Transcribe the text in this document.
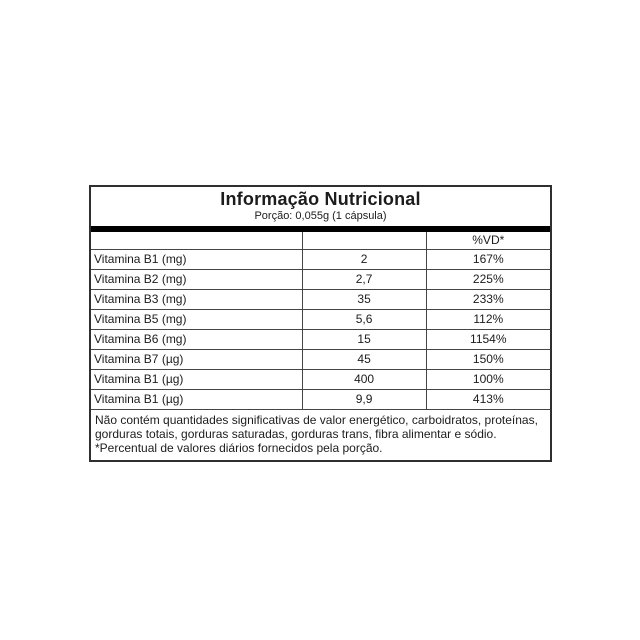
Informação Nutricional
Porção: 0,055g (1 cápsula)
		%VD*
Vitamina B1 (mg)	2	167%
Vitamina B2 (mg)	2,7	225%
Vitamina B3 (mg)	35	233%
Vitamina B5 (mg)	5,6	112%
Vitamina B6 (mg)	15	1154%
Vitamina B7 (µg)	45	150%
Vitamina B1 (µg)	400	100%
Vitamina B1 (µg)	9,9	413%
Não contém quantidades significativas de valor energético, carboidratos, proteínas,
gorduras totais, gorduras saturadas, gorduras trans, fibra alimentar e sódio.
*Percentual de valores diários fornecidos pela porção.
